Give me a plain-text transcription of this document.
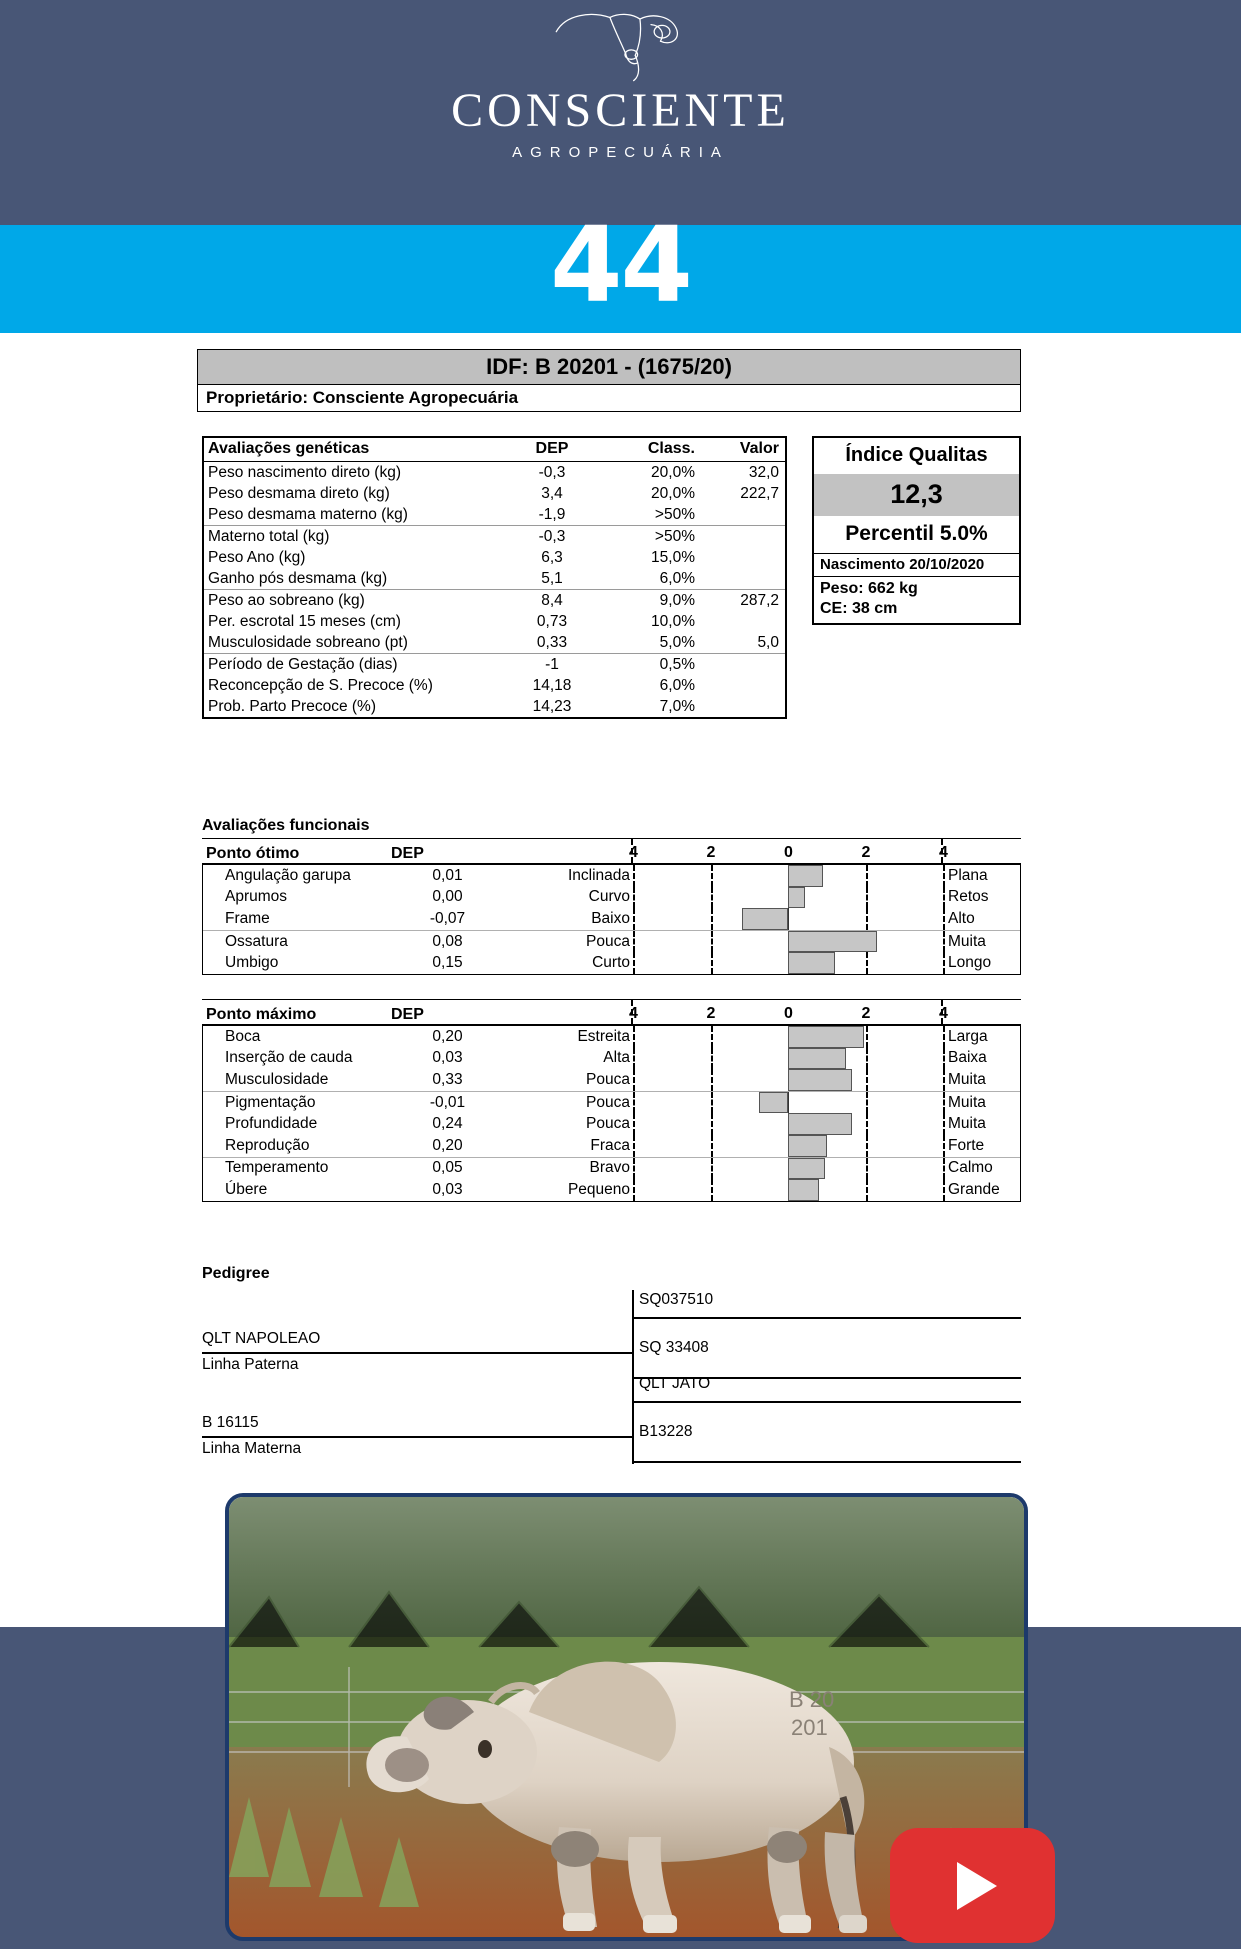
CONSCIENTE
AGROPECUÁRIA
44
IDF: B 20201 - (1675/20)
Proprietário: Consciente Agropecuária
Avaliações genéticas	DEP	Class.	Valor
Peso nascimento direto (kg)	-0,3	20,0%	32,0
Peso desmama direto (kg)	3,4	20,0%	222,7
Peso desmama materno (kg)	-1,9	>50%	
Materno total (kg)	-0,3	>50%	
Peso Ano (kg)	6,3	15,0%	
Ganho pós desmama (kg)	5,1	6,0%	
Peso ao sobreano (kg)	8,4	9,0%	287,2
Per. escrotal 15 meses (cm)	0,73	10,0%	
Musculosidade sobreano (pt)	0,33	5,0%	5,0
Período de Gestação (dias)	-1	0,5%	
Reconcepção de S. Precoce (%)	14,18	6,0%	
Prob. Parto Precoce (%)	14,23	7,0%	
Índice Qualitas
12,3
Percentil 5.0%
Nascimento 20/10/2020
Peso: 662 kg
CE: 38 cm
Avaliações funcionais
Ponto ótimo	DEP	4	2	0	2	4
Angulação garupa	0,01	Inclinada	Plana
Aprumos	0,00	Curvo	Retos
Frame	-0,07	Baixo	Alto
Ossatura	0,08	Pouca	Muita
Umbigo	0,15	Curto	Longo
Ponto máximo	DEP	4	2	0	2	4
Boca	0,20	Estreita	Larga
Inserção de cauda	0,03	Alta	Baixa
Musculosidade	0,33	Pouca	Muita
Pigmentação	-0,01	Pouca	Muita
Profundidade	0,24	Pouca	Muita
Reprodução	0,20	Fraca	Forte
Temperamento	0,05	Bravo	Calmo
Úbere	0,03	Pequeno	Grande
Pedigree
QLT NAPOLEAO
Linha Paterna
SQ037510
SQ 33408
B 16115
Linha Materna
QLT JATO
B13228
B 20
201
